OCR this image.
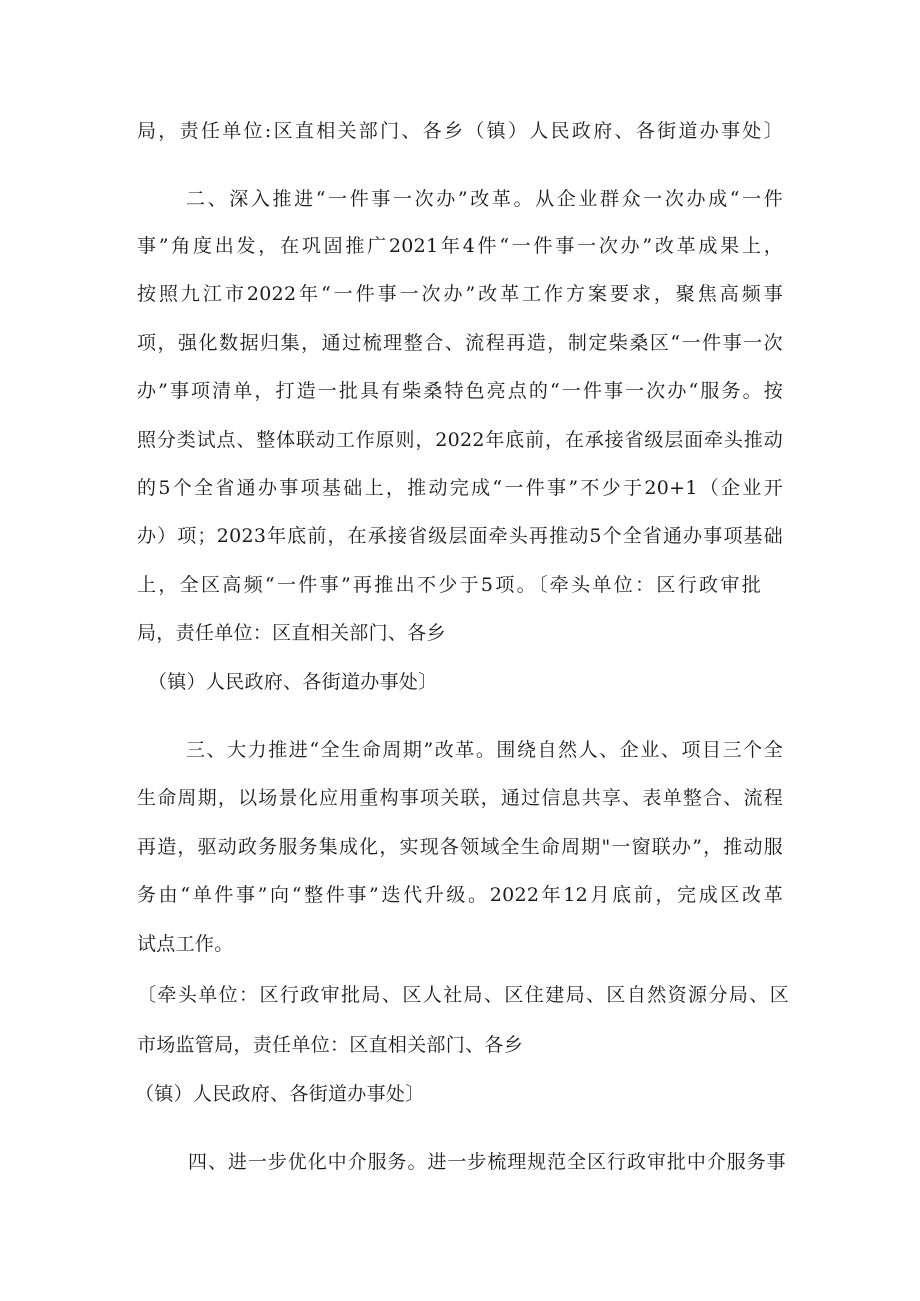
局，责任单位:区直相关部门、各乡（镇）人民政府、各街道办事处〕
二、深入推进“一件事一次办”改革。从企业群众一次办成“一件
事”角度出发，在巩固推广2021年4件“一件事一次办”改革成果上，
按照九江市2022年“一件事一次办”改革工作方案要求，聚焦高频事
项，强化数据归集，通过梳理整合、流程再造，制定柴桑区“一件事一次
办”事项清单，打造一批具有柴桑特色亮点的“一件事一次办“服务。按
照分类试点、整体联动工作原则，2022年底前，在承接省级层面牵头推动
的5个全省通办事项基础上，推动完成“一件事”不少于20+1（企业开
办）项；2023年底前，在承接省级层面牵头再推动5个全省通办事项基础
上，全区高频“一件事”再推出不少于5项。〔牵头单位：区行政审批
局，责任单位：区直相关部门、各乡
（镇）人民政府、各街道办事处〕
三、大力推进“全生命周期”改革。围绕自然人、企业、项目三个全
生命周期，以场景化应用重构事项关联，通过信息共享、表单整合、流程
再造，驱动政务服务集成化，实现各领域全生命周期"一窗联办”，推动服
务由“单件事”向“整件事”迭代升级。2022年12月底前，完成区改革
试点工作。
〔牵头单位：区行政审批局、区人社局、区住建局、区自然资源分局、区
市场监管局，责任单位：区直相关部门、各乡
（镇）人民政府、各街道办事处〕
四、进一步优化中介服务。进一步梳理规范全区行政审批中介服务事
